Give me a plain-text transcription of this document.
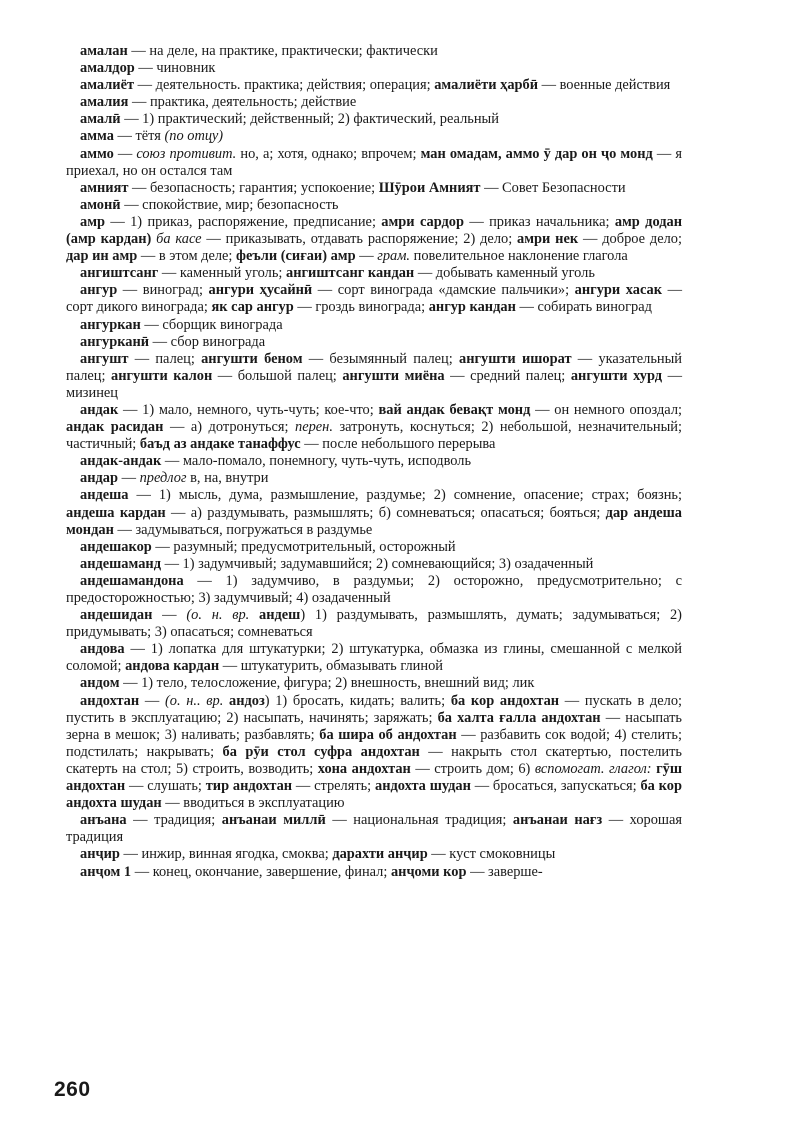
амалан — на деле, на практике, практически; фактически

амалдор — чиновник

амалиёт — деятельность. практика; действия; операция; амалиёти ҳарбӣ — военные действия

амалия — практика, деятельность; действие

амалӣ — 1) практический; действенный; 2) фактический, реальный

амма — тётя (по отцу)

аммо — союз противит. но, а; хотя, однако; впрочем; ман омадам, аммо ӯ дар он ҷо монд — я приехал, но он остался там

амният — безопасность; гарантия; успокоение; Шӯрои Амният — Совет Безопасности

амонӣ — спокойствие, мир; безопасность

амр — 1) приказ, распоряжение, предписание; амри сардор — приказ начальника; амр додан (амр кардан) ба касе — приказывать, отдавать распоряжение; 2) дело; амри нек — доброе дело; дар ин амр — в этом деле; феъли (сиғаи) амр — грам. повелительное наклонение глагола

ангиштсанг — каменный уголь; ангиштсанг кандан — добывать каменный уголь

ангур — виноград; ангури ҳусайнӣ — сорт винограда «дамские пальчики»; ангури хасак — сорт дикого винограда; як сар ангур — гроздь винограда; ангур кандан — собирать виноград

ангуркан — сборщик винограда

ангурканӣ — сбор винограда

ангушт — палец; ангушти беном — безымянный палец; ангушти ишорат — указательный палец; ангушти калон — большой палец; ангушти миёна — средний палец; ангушти хурд — мизинец

андак — 1) мало, немного, чуть-чуть; кое-что; вай андак бевақт монд — он немного опоздал; андак расидан — а) дотронуться; перен. затронуть, коснуться; 2) небольшой, незначительный; частичный; баъд аз андаке танаффус — после небольшого перерыва

андак-андак — мало-помало, понемногу, чуть-чуть, исподволь

андар — предлог в, на, внутри

андеша — 1) мысль, дума, размышление, раздумье; 2) сомнение, опасение; страх; боязнь; андеша кардан — а) раздумывать, размышлять; б) сомневаться; опасаться; бояться; дар андеша мондан — задумываться, погружаться в раздумье

андешакор — разумный; предусмотрительный, осторожный

андешаманд — 1) задумчивый; задумавшийся; 2) сомневающийся; 3) озадаченный

андешамандона — 1) задумчиво, в раздумьи; 2) осторожно, предусмотрительно; с предосторожностью; 3) задумчивый; 4) озадаченный

андешидан — (о. н. вр. андеш) 1) раздумывать, размышлять, думать; задумываться; 2) придумывать; 3) опасаться; сомневаться

андова — 1) лопатка для штукатурки; 2) штукатурка, обмазка из глины, смешанной с мелкой соломой; андова кардан — штукатурить, обмазывать глиной

андом — 1) тело, телосложение, фигура; 2) внешность, внешний вид; лик

андохтан — (о. н.. вр. андоз) 1) бросать, кидать; валить; ба кор андохтан — пускать в дело; пустить в эксплуатацию; 2) насыпать, начинять; заряжать; ба халта ғалла андохтан — насыпать зерна в мешок; 3) наливать; разбавлять; ба шира об андохтан — разбавить сок водой; 4) стелить; подстилать; накрывать; ба рӯи стол суфра андохтан — накрыть стол скатертью, постелить скатерть на стол; 5) строить, возводить; хона андохтан — строить дом; 6) вспомогат. глагол: гӯш андохтан — слушать; тир андохтан — стрелять; андохта шудан — бросаться, запускаться; ба кор андохта шудан — вводиться в эксплуатацию

анъана — традиция; анъанаи миллӣ — национальная традиция; анъанаи нағз — хорошая традиция

анҷир — инжир, винная ягодка, смоква; дарахти анҷир — куст смоковницы

анҷом 1 — конец, окончание, завершение, финал; анҷоми кор — заверше-

260
